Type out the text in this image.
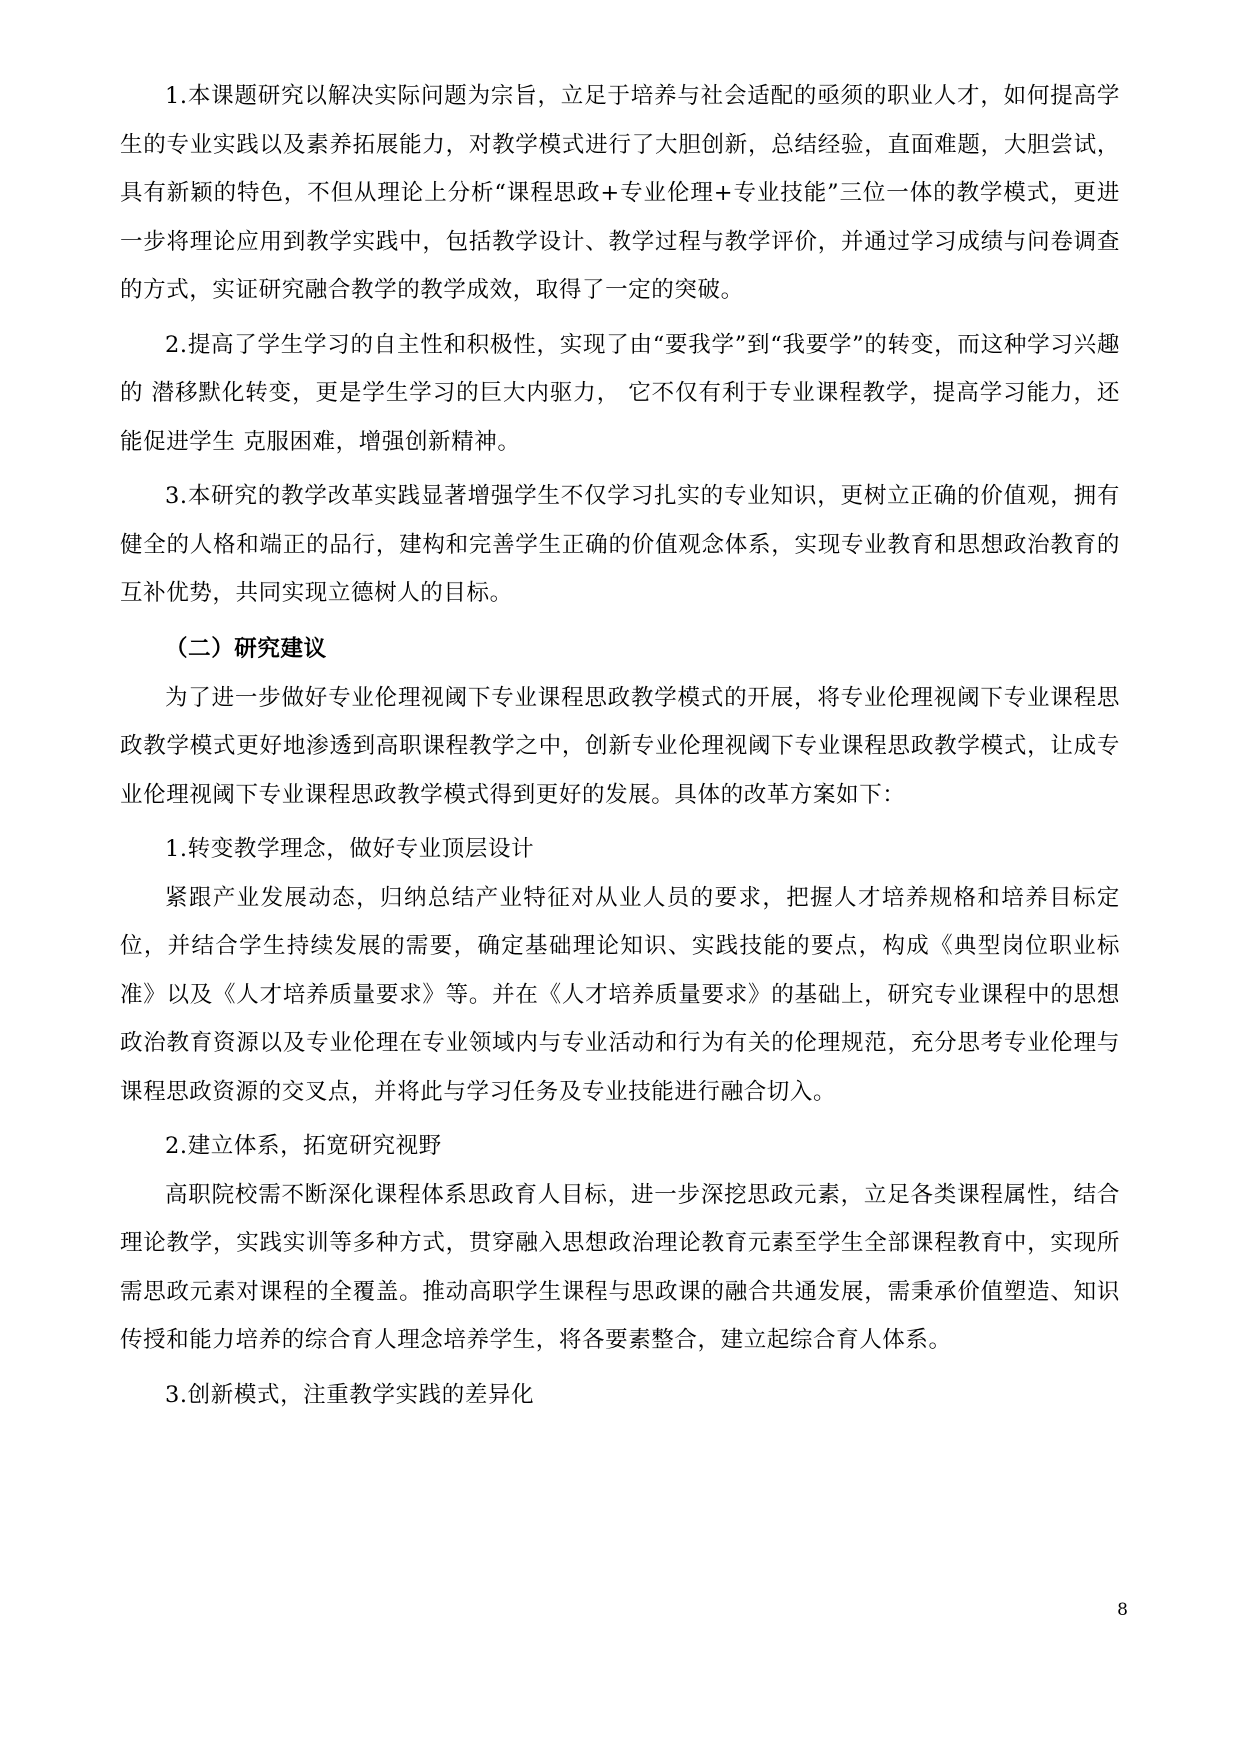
1.本课题研究以解决实际问题为宗旨，立足于培养与社会适配的亟须的职业人才，如何提高学生的专业实践以及素养拓展能力，对教学模式进行了大胆创新，总结经验，直面难题，大胆尝试，具有新颖的特色，不但从理论上分析“课程思政+专业伦理+专业技能”三位一体的教学模式，更进一步将理论应用到教学实践中，包括教学设计、教学过程与教学评价，并通过学习成绩与问卷调查的方式，实证研究融合教学的教学成效，取得了一定的突破。

2.提高了学生学习的自主性和积极性，实现了由“要我学”到“我要学”的转变，而这种学习兴趣的 潜移默化转变，更是学生学习的巨大内驱力， 它不仅有利于专业课程教学，提高学习能力，还能促进学生 克服困难，增强创新精神。

3.本研究的教学改革实践显著增强学生不仅学习扎实的专业知识，更树立正确的价值观，拥有健全的人格和端正的品行，建构和完善学生正确的价值观念体系，实现专业教育和思想政治教育的互补优势，共同实现立德树人的目标。

（二）研究建议

为了进一步做好专业伦理视阈下专业课程思政教学模式的开展，将专业伦理视阈下专业课程思政教学模式更好地渗透到高职课程教学之中，创新专业伦理视阈下专业课程思政教学模式，让成专业伦理视阈下专业课程思政教学模式得到更好的发展。具体的改革方案如下：

1.转变教学理念，做好专业顶层设计

紧跟产业发展动态，归纳总结产业特征对从业人员的要求，把握人才培养规格和培养目标定位，并结合学生持续发展的需要，确定基础理论知识、实践技能的要点，构成《典型岗位职业标准》以及《人才培养质量要求》等。并在《人才培养质量要求》的基础上，研究专业课程中的思想政治教育资源以及专业伦理在专业领域内与专业活动和行为有关的伦理规范，充分思考专业伦理与课程思政资源的交叉点，并将此与学习任务及专业技能进行融合切入。

2.建立体系，拓宽研究视野

高职院校需不断深化课程体系思政育人目标，进一步深挖思政元素，立足各类课程属性，结合理论教学，实践实训等多种方式，贯穿融入思想政治理论教育元素至学生全部课程教育中，实现所需思政元素对课程的全覆盖。推动高职学生课程与思政课的融合共通发展，需秉承价值塑造、知识传授和能力培养的综合育人理念培养学生，将各要素整合，建立起综合育人体系。

3.创新模式，注重教学实践的差异化

8
